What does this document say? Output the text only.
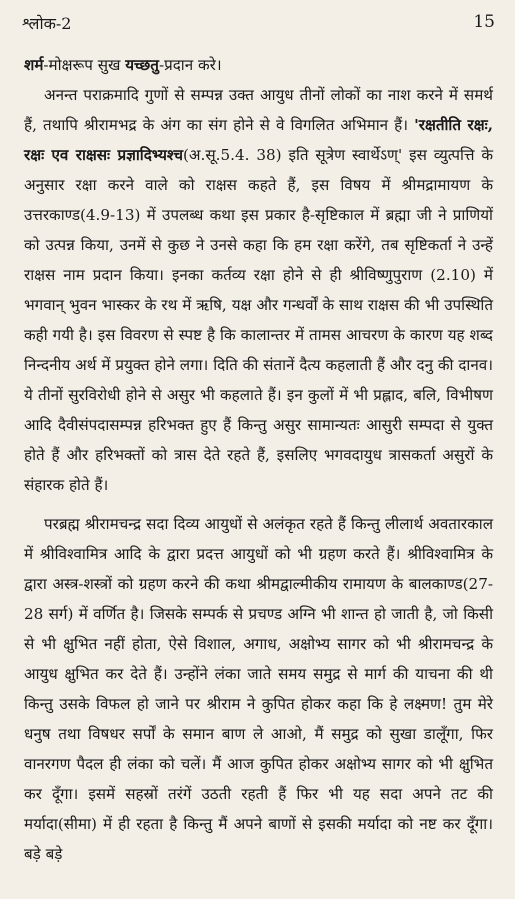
श्लोक-2	15

शर्म-मोक्षरूप सुख यच्छतु-प्रदान करे।

अनन्त पराक्रमादि गुणों से सम्पन्न उक्त आयुध तीनों लोकों का नाश करने में समर्थ हैं, तथापि श्रीरामभद्र के अंग का संग होने से वे विगलित अभिमान हैं। 'रक्षतीति रक्षः, रक्षः एव राक्षसः प्रज्ञादिभ्यश्च(अ.सू.5.4. 38) इति सूत्रेण स्वार्थेऽण्' इस व्युत्पत्ति के अनुसार रक्षा करने वाले को राक्षस कहते हैं, इस विषय में श्रीमद्रामायण के उत्तरकाण्ड(4.9-13) में उपलब्ध कथा इस प्रकार है-सृष्टिकाल में ब्रह्मा जी ने प्राणियों को उत्पन्न किया, उनमें से कुछ ने उनसे कहा कि हम रक्षा करेंगे, तब सृष्टिकर्ता ने उन्हें राक्षस नाम प्रदान किया। इनका कर्तव्य रक्षा होने से ही श्रीविष्णुपुराण (2.10) में भगवान् भुवन भास्कर के रथ में ऋषि, यक्ष और गन्धर्वों के साथ राक्षस की भी उपस्थिति कही गयी है। इस विवरण से स्पष्ट है कि कालान्तर में तामस आचरण के कारण यह शब्द निन्दनीय अर्थ में प्रयुक्त होने लगा। दिति की संतानें दैत्य कहलाती हैं और दनु की दानव। ये तीनों सुरविरोधी होने से असुर भी कहलाते हैं। इन कुलों में भी प्रह्लाद, बलि, विभीषण आदि दैवीसंपदासम्पन्न हरिभक्त हुए हैं किन्तु असुर सामान्यतः आसुरी सम्पदा से युक्त होते हैं और हरिभक्तों को त्रास देते रहते हैं, इसलिए भगवदायुध त्रासकर्ता असुरों के संहारक होते हैं।

परब्रह्म श्रीरामचन्द्र सदा दिव्य आयुधों से अलंकृत रहते हैं किन्तु लीलार्थ अवतारकाल में श्रीविश्वामित्र आदि के द्वारा प्रदत्त आयुधों को भी ग्रहण करते हैं। श्रीविश्वामित्र के द्वारा अस्त्र-शस्त्रों को ग्रहण करने की कथा श्रीमद्वाल्मीकीय रामायण के बालकाण्ड(27-28 सर्ग) में वर्णित है। जिसके सम्पर्क से प्रचण्ड अग्नि भी शान्त हो जाती है, जो किसी से भी क्षुभित नहीं होता, ऐसे विशाल, अगाध, अक्षोभ्य सागर को भी श्रीरामचन्द्र के आयुध क्षुभित कर देते हैं। उन्होंने लंका जाते समय समुद्र से मार्ग की याचना की थी किन्तु उसके विफल हो जाने पर श्रीराम ने कुपित होकर कहा कि हे लक्ष्मण! तुम मेरे धनुष तथा विषधर सर्पों के समान बाण ले आओ, मैं समुद्र को सुखा डालूँगा, फिर वानरगण पैदल ही लंका को चलें। मैं आज कुपित होकर अक्षोभ्य सागर को भी क्षुभित कर दूँगा। इसमें सहस्रों तरंगें उठती रहती हैं फिर भी यह सदा अपने तट की मर्यादा(सीमा) में ही रहता है किन्तु मैं अपने बाणों से इसकी मर्यादा को नष्ट कर दूँगा। बड़े बड़े
